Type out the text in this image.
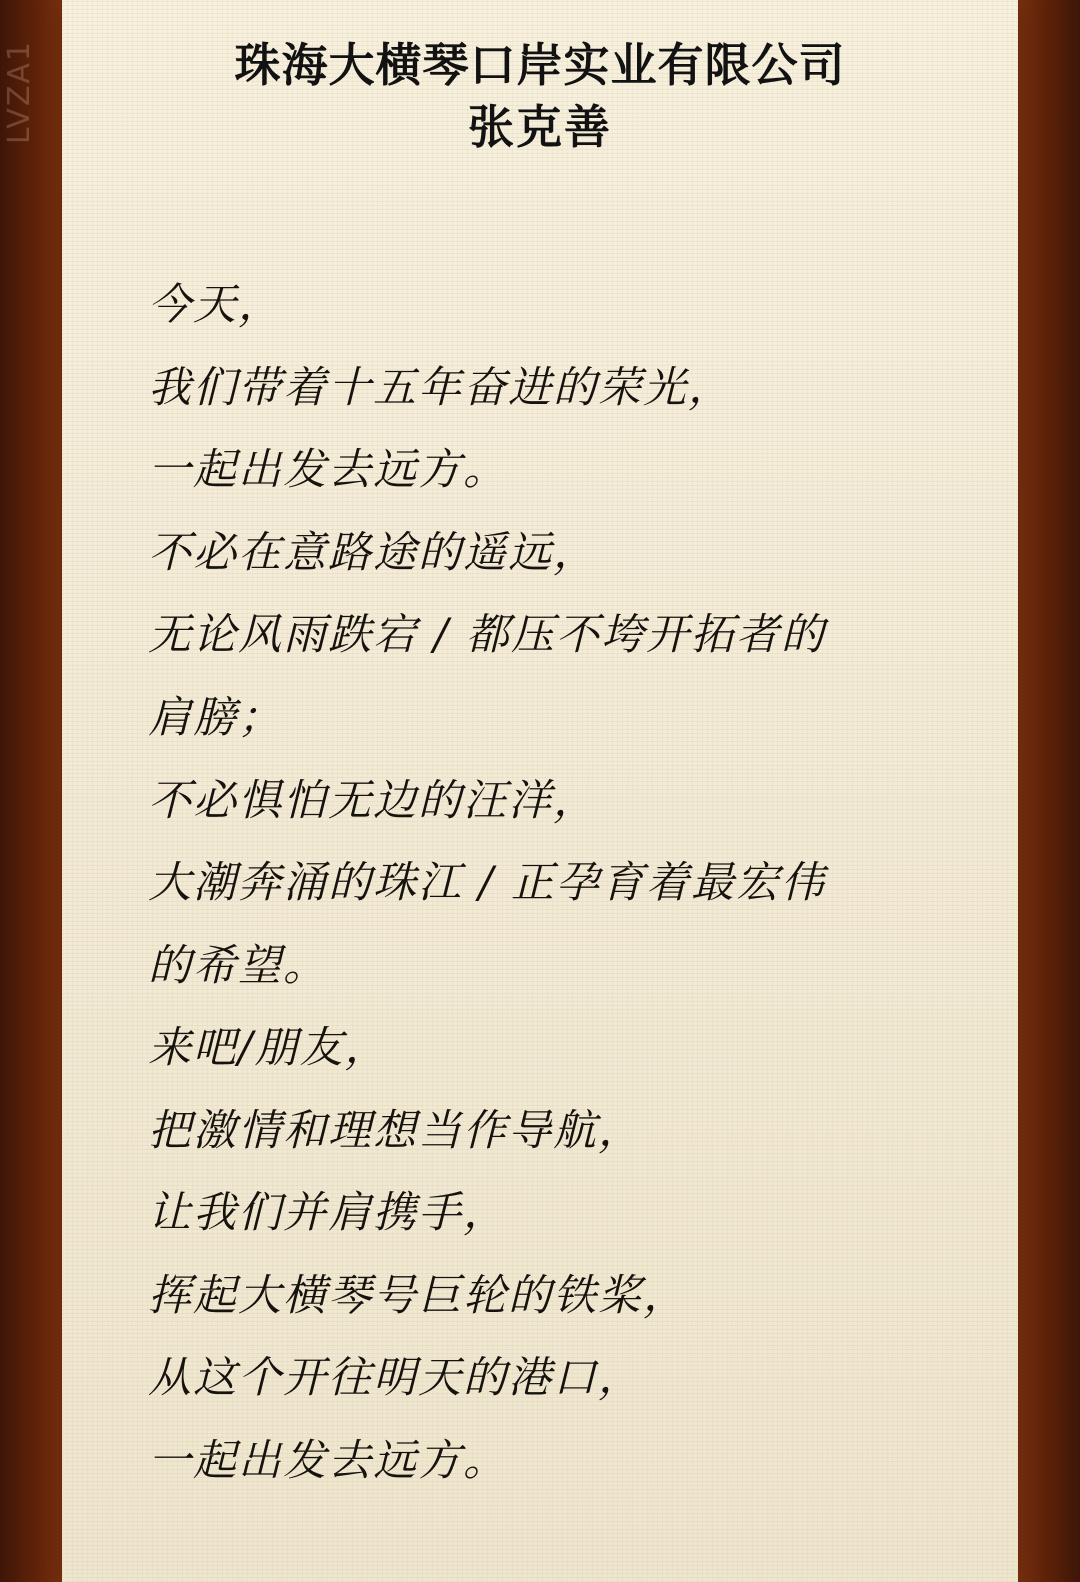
LVZA1	珠海大横琴口岸实业有限公司
张克善
今天，
我们带着十五年奋进的荣光，
一起出发去远方。
不必在意路途的遥远，
无论风雨跌宕 / 都压不垮开拓者的
肩膀；
不必惧怕无边的汪洋，
大潮奔涌的珠江 / 正孕育着最宏伟
的希望。
来吧/朋友，
把激情和理想当作导航，
让我们并肩携手，
挥起大横琴号巨轮的铁桨，
从这个开往明天的港口，
一起出发去远方。
